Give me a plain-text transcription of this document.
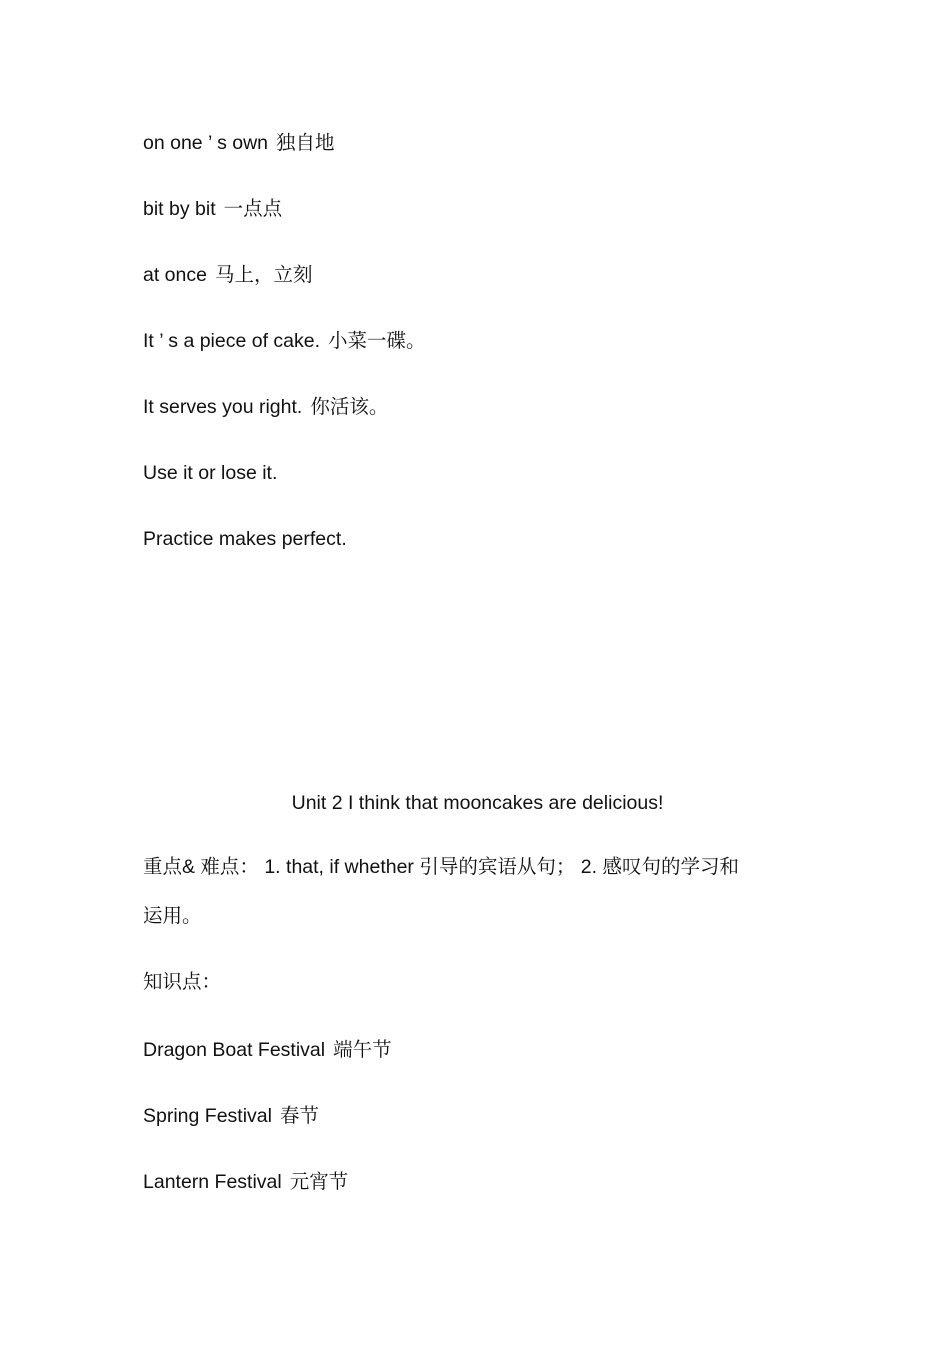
on one ’ s own 独自地
bit by bit 一点点
at once 马上，立刻
It ’ s a piece of cake. 小菜一碟。
It serves you right. 你活该。
Use it or lose it.
Practice makes perfect.
Unit 2 I think that mooncakes are delicious!
重点& 难点： 1. that, if whether 引导的宾语从句； 2. 感叹句的学习和
运用。
知识点：
Dragon Boat Festival 端午节
Spring Festival 春节
Lantern Festival 元宵节
